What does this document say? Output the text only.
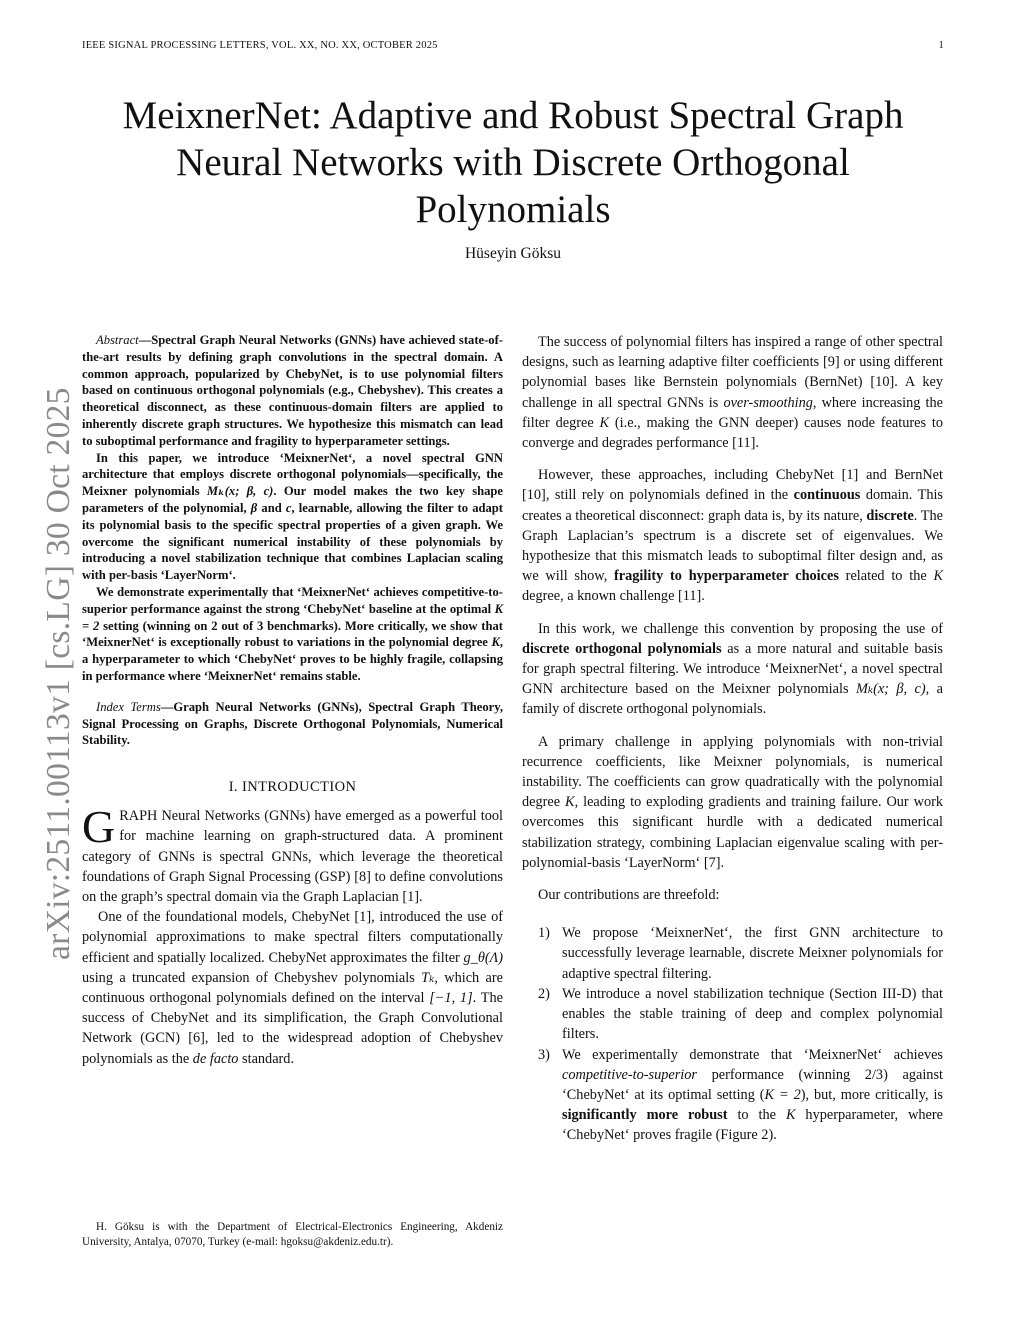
IEEE SIGNAL PROCESSING LETTERS, VOL. XX, NO. XX, OCTOBER 2025	1
arXiv:2511.00113v1 [cs.LG] 30 Oct 2025
MeixnerNet: Adaptive and Robust Spectral Graph Neural Networks with Discrete Orthogonal Polynomials
Hüseyin Göksu

Abstract—Spectral Graph Neural Networks (GNNs) have achieved state-of-the-art results by defining graph convolutions in the spectral domain. A common approach, popularized by ChebyNet, is to use polynomial filters based on continuous orthogonal polynomials (e.g., Chebyshev). This creates a theoretical disconnect, as these continuous-domain filters are applied to inherently discrete graph structures. We hypothesize this mismatch can lead to suboptimal performance and fragility to hyperparameter settings.

In this paper, we introduce ‘MeixnerNet‘, a novel spectral GNN architecture that employs discrete orthogonal polynomials—specifically, the Meixner polynomials Mₖ(x; β, c). Our model makes the two key shape parameters of the polynomial, β and c, learnable, allowing the filter to adapt its polynomial basis to the specific spectral properties of a given graph. We overcome the significant numerical instability of these polynomials by introducing a novel stabilization technique that combines Laplacian scaling with per-basis ‘LayerNorm‘.

We demonstrate experimentally that ‘MeixnerNet‘ achieves competitive-to-superior performance against the strong ‘ChebyNet‘ baseline at the optimal K = 2 setting (winning on 2 out of 3 benchmarks). More critically, we show that ‘MeixnerNet‘ is exceptionally robust to variations in the polynomial degree K, a hyperparameter to which ‘ChebyNet‘ proves to be highly fragile, collapsing in performance where ‘MeixnerNet‘ remains stable.

Index Terms—Graph Neural Networks (GNNs), Spectral Graph Theory, Signal Processing on Graphs, Discrete Orthogonal Polynomials, Numerical Stability.
I. INTRODUCTION

GRAPH Neural Networks (GNNs) have emerged as a powerful tool for machine learning on graph-structured data. A prominent category of GNNs is spectral GNNs, which leverage the theoretical foundations of Graph Signal Processing (GSP) [8] to define convolutions on the graph’s spectral domain via the Graph Laplacian [1].

One of the foundational models, ChebyNet [1], introduced the use of polynomial approximations to make spectral filters computationally efficient and spatially localized. ChebyNet approximates the filter g_θ(Λ) using a truncated expansion of Chebyshev polynomials Tₖ, which are continuous orthogonal polynomials defined on the interval [−1, 1]. The success of ChebyNet and its simplification, the Graph Convolutional Network (GCN) [6], led to the widespread adoption of Chebyshev polynomials as the de facto standard.

H. Göksu is with the Department of Electrical-Electronics Engineering, Akdeniz University, Antalya, 07070, Turkey (e-mail: hgoksu@akdeniz.edu.tr).

The success of polynomial filters has inspired a range of other spectral designs, such as learning adaptive filter coefficients [9] or using different polynomial bases like Bernstein polynomials (BernNet) [10]. A key challenge in all spectral GNNs is over-smoothing, where increasing the filter degree K (i.e., making the GNN deeper) causes node features to converge and degrades performance [11].

However, these approaches, including ChebyNet [1] and BernNet [10], still rely on polynomials defined in the continuous domain. This creates a theoretical disconnect: graph data is, by its nature, discrete. The Graph Laplacian’s spectrum is a discrete set of eigenvalues. We hypothesize that this mismatch leads to suboptimal filter design and, as we will show, fragility to hyperparameter choices related to the K degree, a known challenge [11].

In this work, we challenge this convention by proposing the use of discrete orthogonal polynomials as a more natural and suitable basis for graph spectral filtering. We introduce ‘MeixnerNet‘, a novel spectral GNN architecture based on the Meixner polynomials Mₖ(x; β, c), a family of discrete orthogonal polynomials.

A primary challenge in applying polynomials with non-trivial recurrence coefficients, like Meixner polynomials, is numerical instability. The coefficients can grow quadratically with the polynomial degree K, leading to exploding gradients and training failure. Our work overcomes this significant hurdle with a dedicated numerical stabilization strategy, combining Laplacian eigenvalue scaling with per-polynomial-basis ‘LayerNorm‘ [7].

Our contributions are threefold:

1) We propose ‘MeixnerNet‘, the first GNN architecture to successfully leverage learnable, discrete Meixner polynomials for adaptive spectral filtering.
2) We introduce a novel stabilization technique (Section III-D) that enables the stable training of deep and complex polynomial filters.
3) We experimentally demonstrate that ‘MeixnerNet‘ achieves competitive-to-superior performance (winning 2/3) against ‘ChebyNet‘ at its optimal setting (K = 2), but, more critically, is significantly more robust to the K hyperparameter, where ‘ChebyNet‘ proves fragile (Figure 2).
